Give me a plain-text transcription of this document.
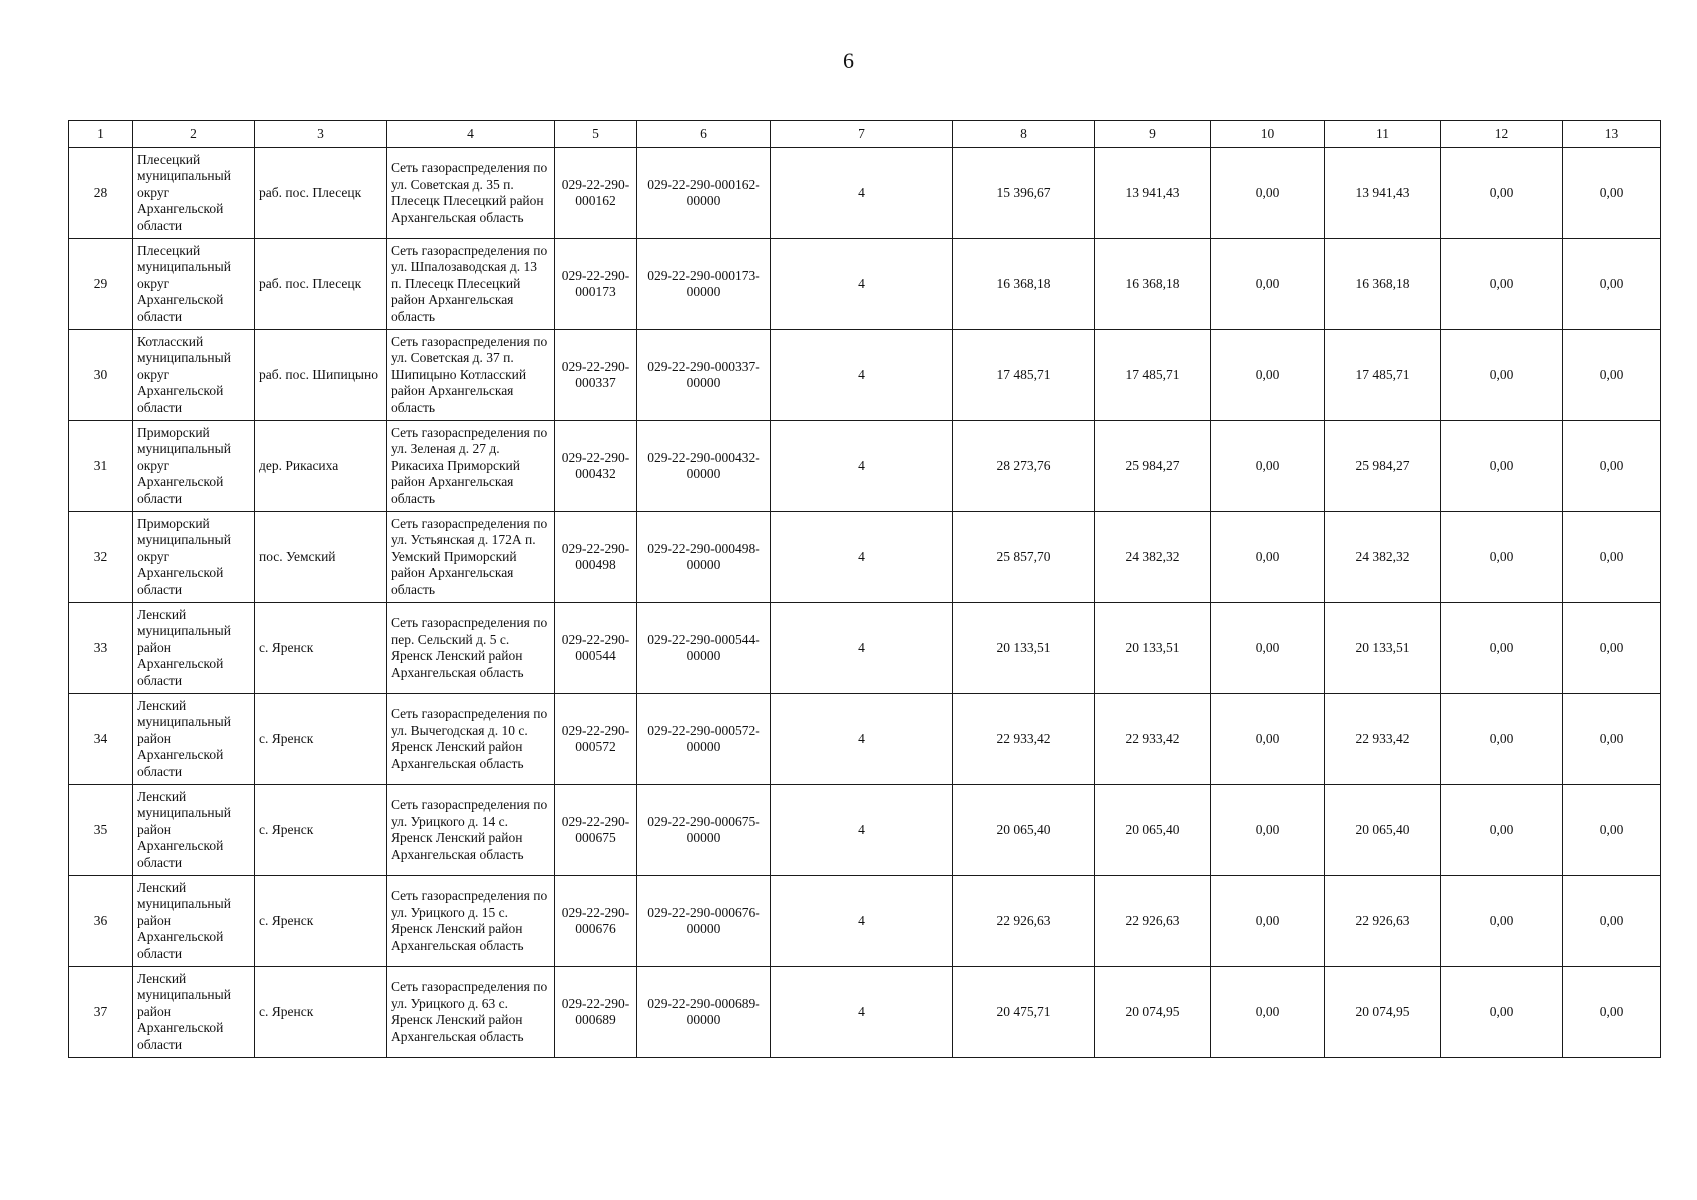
6
1	2	3	4	5	6	7	8	9	10	11	12	13
28	Плесецкий муниципальный округ Архангельской области	раб. пос. Плесецк	Сеть газораспределения по ул. Советская д. 35 п. Плесецк Плесецкий район Архангельская область	029-22-290-000162	029-22-290-000162-00000	4	15 396,67	13 941,43	0,00	13 941,43	0,00	0,00
29	Плесецкий муниципальный округ Архангельской области	раб. пос. Плесецк	Сеть газораспределения по ул. Шпалозаводская д. 13 п. Плесецк Плесецкий район Архангельская область	029-22-290-000173	029-22-290-000173-00000	4	16 368,18	16 368,18	0,00	16 368,18	0,00	0,00
30	Котласский муниципальный округ Архангельской области	раб. пос. Шипицыно	Сеть газораспределения по ул. Советская д. 37 п. Шипицыно Котласский район Архангельская область	029-22-290-000337	029-22-290-000337-00000	4	17 485,71	17 485,71	0,00	17 485,71	0,00	0,00
31	Приморский муниципальный округ Архангельской области	дер. Рикасиха	Сеть газораспределения по ул. Зеленая д. 27 д. Рикасиха Приморский район Архангельская область	029-22-290-000432	029-22-290-000432-00000	4	28 273,76	25 984,27	0,00	25 984,27	0,00	0,00
32	Приморский муниципальный округ Архангельской области	пос. Уемский	Сеть газораспределения по ул. Устьянская д. 172А п. Уемский Приморский район Архангельская область	029-22-290-000498	029-22-290-000498-00000	4	25 857,70	24 382,32	0,00	24 382,32	0,00	0,00
33	Ленский муниципальный район Архангельской области	с. Яренск	Сеть газораспределения по пер. Сельский д. 5 с. Яренск Ленский район Архангельская область	029-22-290-000544	029-22-290-000544-00000	4	20 133,51	20 133,51	0,00	20 133,51	0,00	0,00
34	Ленский муниципальный район Архангельской области	с. Яренск	Сеть газораспределения по ул. Вычегодская д. 10 с. Яренск Ленский район Архангельская область	029-22-290-000572	029-22-290-000572-00000	4	22 933,42	22 933,42	0,00	22 933,42	0,00	0,00
35	Ленский муниципальный район Архангельской области	с. Яренск	Сеть газораспределения по ул. Урицкого д. 14 с. Яренск Ленский район Архангельская область	029-22-290-000675	029-22-290-000675-00000	4	20 065,40	20 065,40	0,00	20 065,40	0,00	0,00
36	Ленский муниципальный район Архангельской области	с. Яренск	Сеть газораспределения по ул. Урицкого д. 15 с. Яренск Ленский район Архангельская область	029-22-290-000676	029-22-290-000676-00000	4	22 926,63	22 926,63	0,00	22 926,63	0,00	0,00
37	Ленский муниципальный район Архангельской области	с. Яренск	Сеть газораспределения по ул. Урицкого д. 63 с. Яренск Ленский район Архангельская область	029-22-290-000689	029-22-290-000689-00000	4	20 475,71	20 074,95	0,00	20 074,95	0,00	0,00
